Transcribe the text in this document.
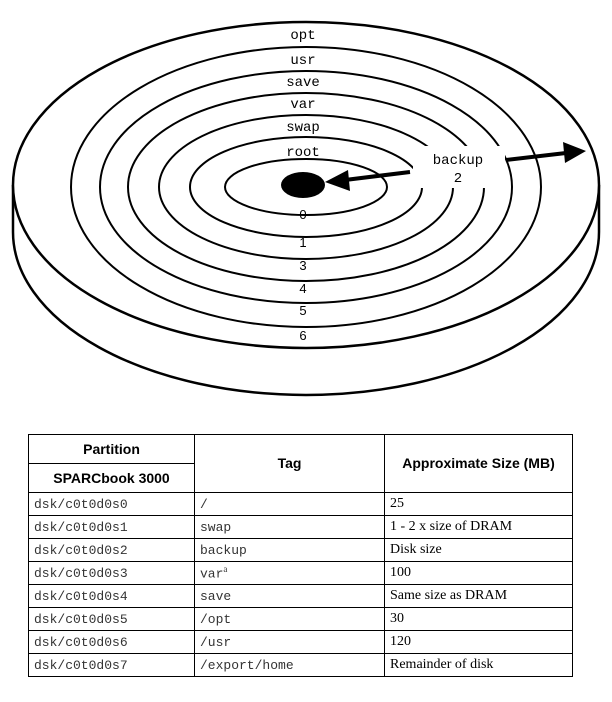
opt
usr
save
var
swap
root
0
1
3
4
5
6
backup
2
Partition	Tag	Approximate Size (MB)
SPARCbook 3000		
dsk/c0t0d0s0	/	25
dsk/c0t0d0s1	swap	1 - 2 x size of DRAM
dsk/c0t0d0s2	backup	Disk size
dsk/c0t0d0s3	var$^a$	100
dsk/c0t0d0s4	save	Same size as DRAM
dsk/c0t0d0s5	/opt	30
dsk/c0t0d0s6	/usr	120
dsk/c0t0d0s7	/export/home	Remainder of disk
